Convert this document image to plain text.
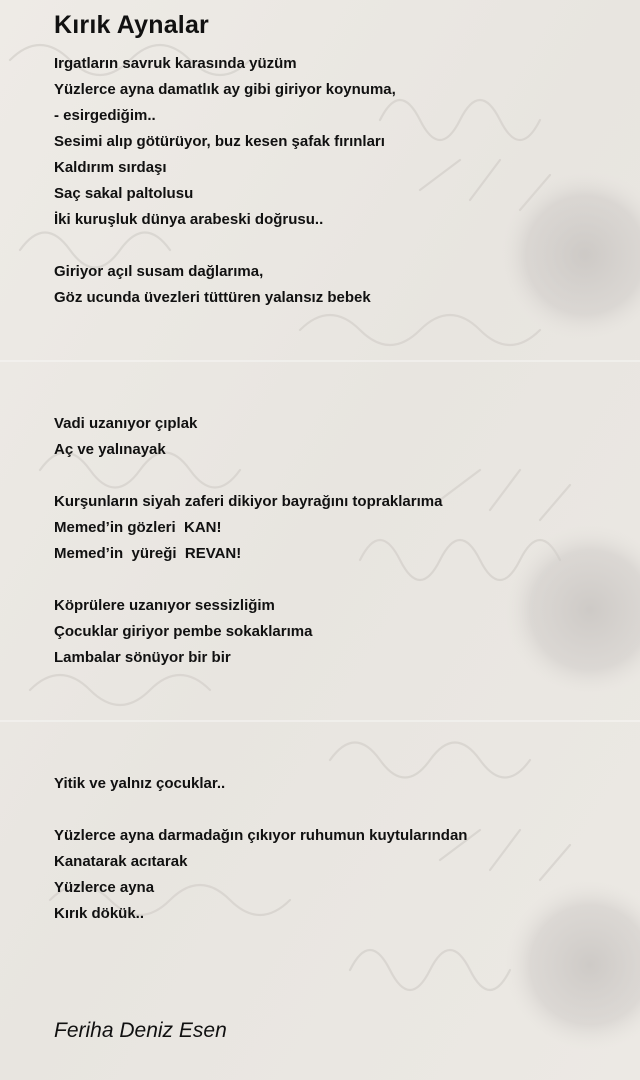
Kırık Aynalar
Irgatların savruk karasında yüzüm
Yüzlerce ayna damatlık ay gibi giriyor koynuma,
- esirgediğim..
Sesimi alıp götürüyor, buz kesen şafak fırınları
Kaldırım sırdaşı
Saç sakal paltolusu
İki kuruşluk dünya arabeski doğrusu..
Giriyor açıl susam dağlarıma,
Göz ucunda üvezleri tüttüren yalansız bebek
Vadi uzanıyor çıplak
Aç ve yalınayak
Kurşunların siyah zaferi dikiyor bayrağını topraklarıma
Memed’in gözleri  KAN!
Memed’in  yüreği  REVAN!
Köprülere uzanıyor sessizliğim
Çocuklar giriyor pembe sokaklarıma
Lambalar sönüyor bir bir
Yitik ve yalnız çocuklar..
Yüzlerce ayna darmadağın çıkıyor ruhumun kuytularından
Kanatarak acıtarak
Yüzlerce ayna
Kırık dökük..
Feriha Deniz Esen
